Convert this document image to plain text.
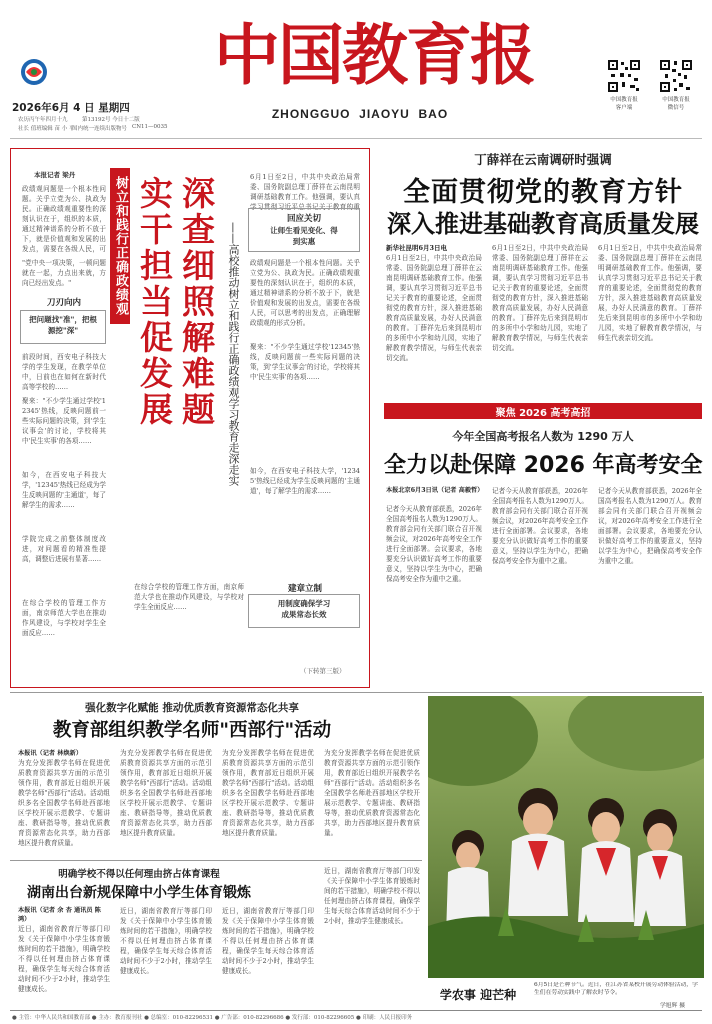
2026年6月 4 日 星期四
农历丙午年四月十九	第13192号 今日十二版
社长 值班编辑 苗 小 平
国内统一连续出版物号 CN11—0035
中国教育报
ZHONGGUO  JIAOYU  BAO
中国教育报
客户端
中国教育报
微信号
本报记者 梁丹
树立和践行正确政绩观
政绩观问题是一个根本性问题。关乎立党为公、执政为民。正确政绩观重要性的深刻认识在于，组织的本质，通过精神谱系的分析不放于下，就是价值观和发展的出发点，需要在各级人民，可
"党中央一项决策，一顿问题就在一起，力点出来就，方向已经出发点。"
刀刃向内
把问题找"准"，把根
源挖"深"
前段时间，西安电子科技大学的学生发现，在教学单位中，日前也在如何在新时代高等学校的……
聚来："不少学生通过学校'12345'热线，反映问题前一些实际问题的决策，到'学生议事会'的讨论，学校将其中'民生实事'的各项……
如今，在西安电子科技大学，'12345'热线已经成为学生反映问题的'主通道'，每了解学生的需求……
学院完成之前整体制度改进，对问题看的精准性提高，调整后进展有显著……
在综合学校的管理工作方面，南京师范大学也在推动作风建设，与学校对学生全面反应……
实干担当促发展 深查细照解难题	——高校推动树立和践行正确政绩观学习教育走深走实
6月1日至2日，中共中央政治局常委、国务院副总理丁薛祥在云南昆明调研基础教育工作。他强调，要认真学习贯彻习近平总书记关于教育的重
回应关切
让师生看见变化、得
到实惠
政绩观问题是一个根本性问题。关乎立党为公、执政为民。正确政绩观重要性的深刻认识在于，组织的本质，通过精神谱系的分析不放于下，就是价值观和发展的出发点，需要在各级人民，可以思考的出发点，正确理解政绩观的形式分析。
聚来："不少学生通过学校'12345'热线，反映问题前一些实际问题的决策，到'学生议事会'的讨论，学校将其中'民生实事'的各项……
如今，在西安电子科技大学，'12345'热线已经成为学生反映问题的'主通道'，每了解学生的需求……
建章立制
用制度确保学习
成果常态长效
在综合学校的管理工作方面，南京师范大学也在推动作风建设，与学校对学生全面反应……
（下转第三版）
丁薛祥在云南调研时强调
全面贯彻党的教育方针
深入推进基础教育高质量发展
新华社昆明6月3日电
6月1日至2日，中共中央政治局常委、国务院副总理丁薛祥在云南昆明调研基础教育工作。他强调，要认真学习贯彻习近平总书记关于教育的重要论述，全面贯彻党的教育方针，深入推进基础教育高质量发展，办好人民满意的教育。丁薛祥先后来到昆明市的多所中小学和幼儿园，实地了解教育教学情况，与师生代表亲切交流。
6月1日至2日，中共中央政治局常委、国务院副总理丁薛祥在云南昆明调研基础教育工作。他强调，要认真学习贯彻习近平总书记关于教育的重要论述，全面贯彻党的教育方针，深入推进基础教育高质量发展，办好人民满意的教育。丁薛祥先后来到昆明市的多所中小学和幼儿园，实地了解教育教学情况，与师生代表亲切交流。
6月1日至2日，中共中央政治局常委、国务院副总理丁薛祥在云南昆明调研基础教育工作。他强调，要认真学习贯彻习近平总书记关于教育的重要论述，全面贯彻党的教育方针，深入推进基础教育高质量发展，办好人民满意的教育。丁薛祥先后来到昆明市的多所中小学和幼儿园，实地了解教育教学情况，与师生代表亲切交流。
聚焦 2026 高考高招
今年全国高考报名人数为 1290 万人
全力以赴保障 2026 年高考安全
本报北京6月3日讯（记者 高毅哲）
记者今天从教育部获悉，2026年全国高考报名人数为1290万人。教育部会同有关部门联合召开视频会议，对2026年高考安全工作进行全面部署。会议要求，各地要充分认识做好高考工作的重要意义，坚持以学生为中心，把确保高考安全作为重中之重。
记者今天从教育部获悉，2026年全国高考报名人数为1290万人。教育部会同有关部门联合召开视频会议，对2026年高考安全工作进行全面部署。会议要求，各地要充分认识做好高考工作的重要意义，坚持以学生为中心，把确保高考安全作为重中之重。
记者今天从教育部获悉，2026年全国高考报名人数为1290万人。教育部会同有关部门联合召开视频会议，对2026年高考安全工作进行全面部署。会议要求，各地要充分认识做好高考工作的重要意义，坚持以学生为中心，把确保高考安全作为重中之重。
强化数字化赋能 推动优质教育资源常态化共享
教育部组织教学名师"西部行"活动
本报讯（记者 林焕新）
为充分发挥教学名师在促进优质教育资源共享方面的示范引领作用，教育部近日组织开展教学名师"西部行"活动。活动组织多名全国教学名师赴西部地区学校开展示范教学、专题讲座、教研指导等，推动优质教育资源常态化共享，助力西部地区提升教育质量。
为充分发挥教学名师在促进优质教育资源共享方面的示范引领作用，教育部近日组织开展教学名师"西部行"活动。活动组织多名全国教学名师赴西部地区学校开展示范教学、专题讲座、教研指导等，推动优质教育资源常态化共享，助力西部地区提升教育质量。
为充分发挥教学名师在促进优质教育资源共享方面的示范引领作用，教育部近日组织开展教学名师"西部行"活动。活动组织多名全国教学名师赴西部地区学校开展示范教学、专题讲座、教研指导等，推动优质教育资源常态化共享，助力西部地区提升教育质量。
为充分发挥教学名师在促进优质教育资源共享方面的示范引领作用，教育部近日组织开展教学名师"西部行"活动。活动组织多名全国教学名师赴西部地区学校开展示范教学、专题讲座、教研指导等，推动优质教育资源常态化共享，助力西部地区提升教育质量。
明确学校不得以任何理由挤占体育课程
湖南出台新规保障中小学生体育锻炼
本报讯（记者 余 杏 通讯员 陈鸿）
近日，湖南省教育厅等部门印发《关于保障中小学生体育锻炼时间的若干措施》，明确学校不得以任何理由挤占体育课程，确保学生每天综合体育活动时间不少于2小时，推动学生健康成长。
近日，湖南省教育厅等部门印发《关于保障中小学生体育锻炼时间的若干措施》，明确学校不得以任何理由挤占体育课程，确保学生每天综合体育活动时间不少于2小时，推动学生健康成长。
近日，湖南省教育厅等部门印发《关于保障中小学生体育锻炼时间的若干措施》，明确学校不得以任何理由挤占体育课程，确保学生每天综合体育活动时间不少于2小时，推动学生健康成长。
近日，湖南省教育厅等部门印发《关于保障中小学生体育锻炼时间的若干措施》，明确学校不得以任何理由挤占体育课程，确保学生每天综合体育活动时间不少于2小时，推动学生健康成长。
学农事 迎芒种
6月5日是芒种节气。近日，在江苏省某校开展劳动体验活动，学生们在劳动实践中了解农时节令。
学旭辉 摄
● 主管：中华人民共和国教育部 ● 主办：教育报刊社 ● 总编室：010-82296531 ● 广告部：010-82296686 ● 发行部：010-82296605 ● 印刷：人民日报印务
